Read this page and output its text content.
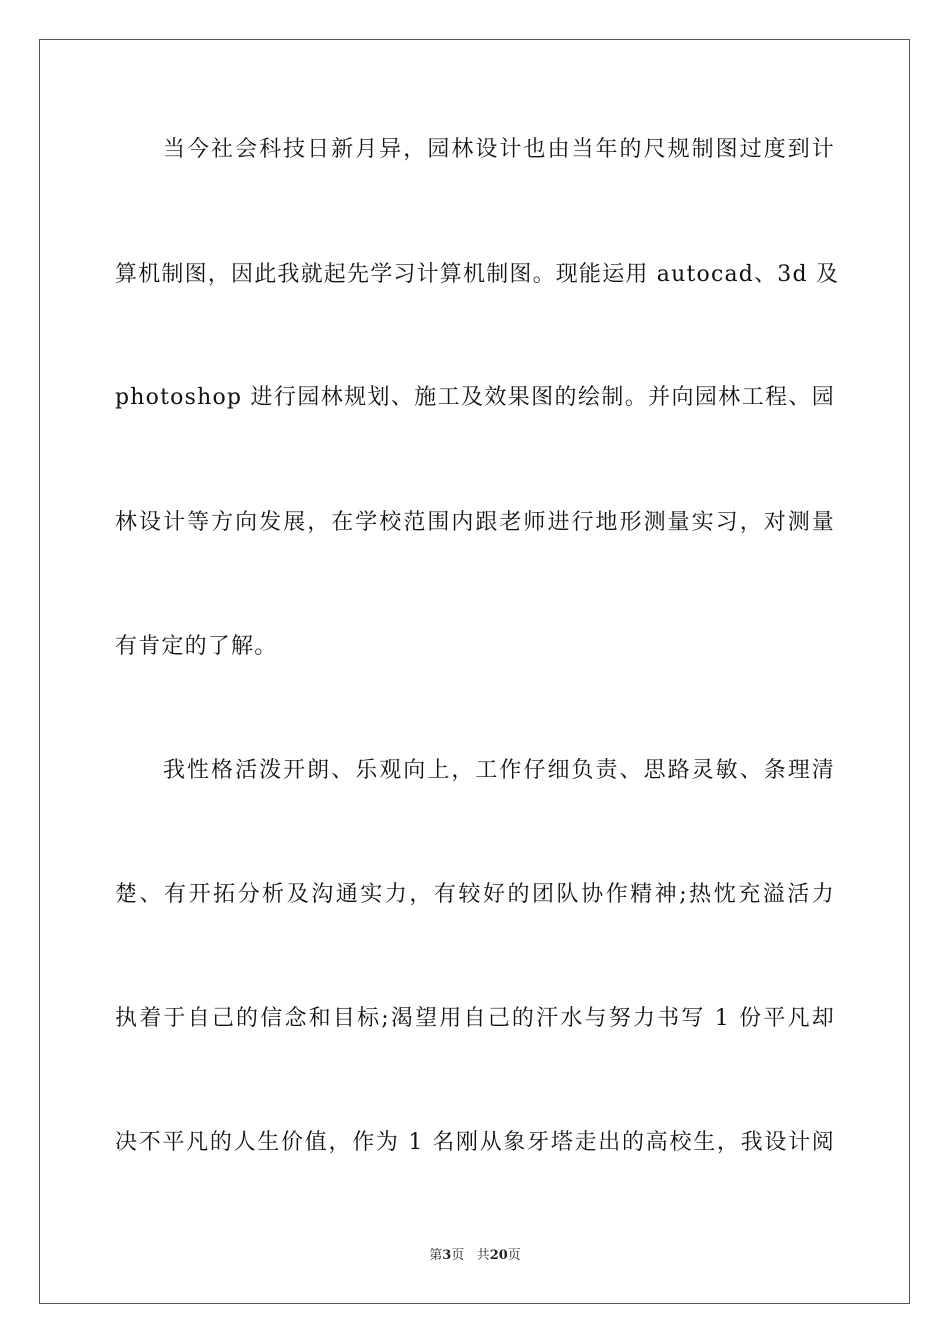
当今社会科技日新月异，园林设计也由当年的尺规制图过度到计
算机制图，因此我就起先学习计算机制图。现能运用 autocad、3d 及
photoshop 进行园林规划、施工及效果图的绘制。并向园林工程、园
林设计等方向发展，在学校范围内跟老师进行地形测量实习，对测量
有肯定的了解。
我性格活泼开朗、乐观向上，工作仔细负责、思路灵敏、条理清
楚、有开拓分析及沟通实力，有较好的团队协作精神;热忱充溢活力
执着于自己的信念和目标;渴望用自己的汗水与努力书写 1 份平凡却
决不平凡的人生价值，作为 1 名刚从象牙塔走出的高校生，我设计阅
第3页 共20页
